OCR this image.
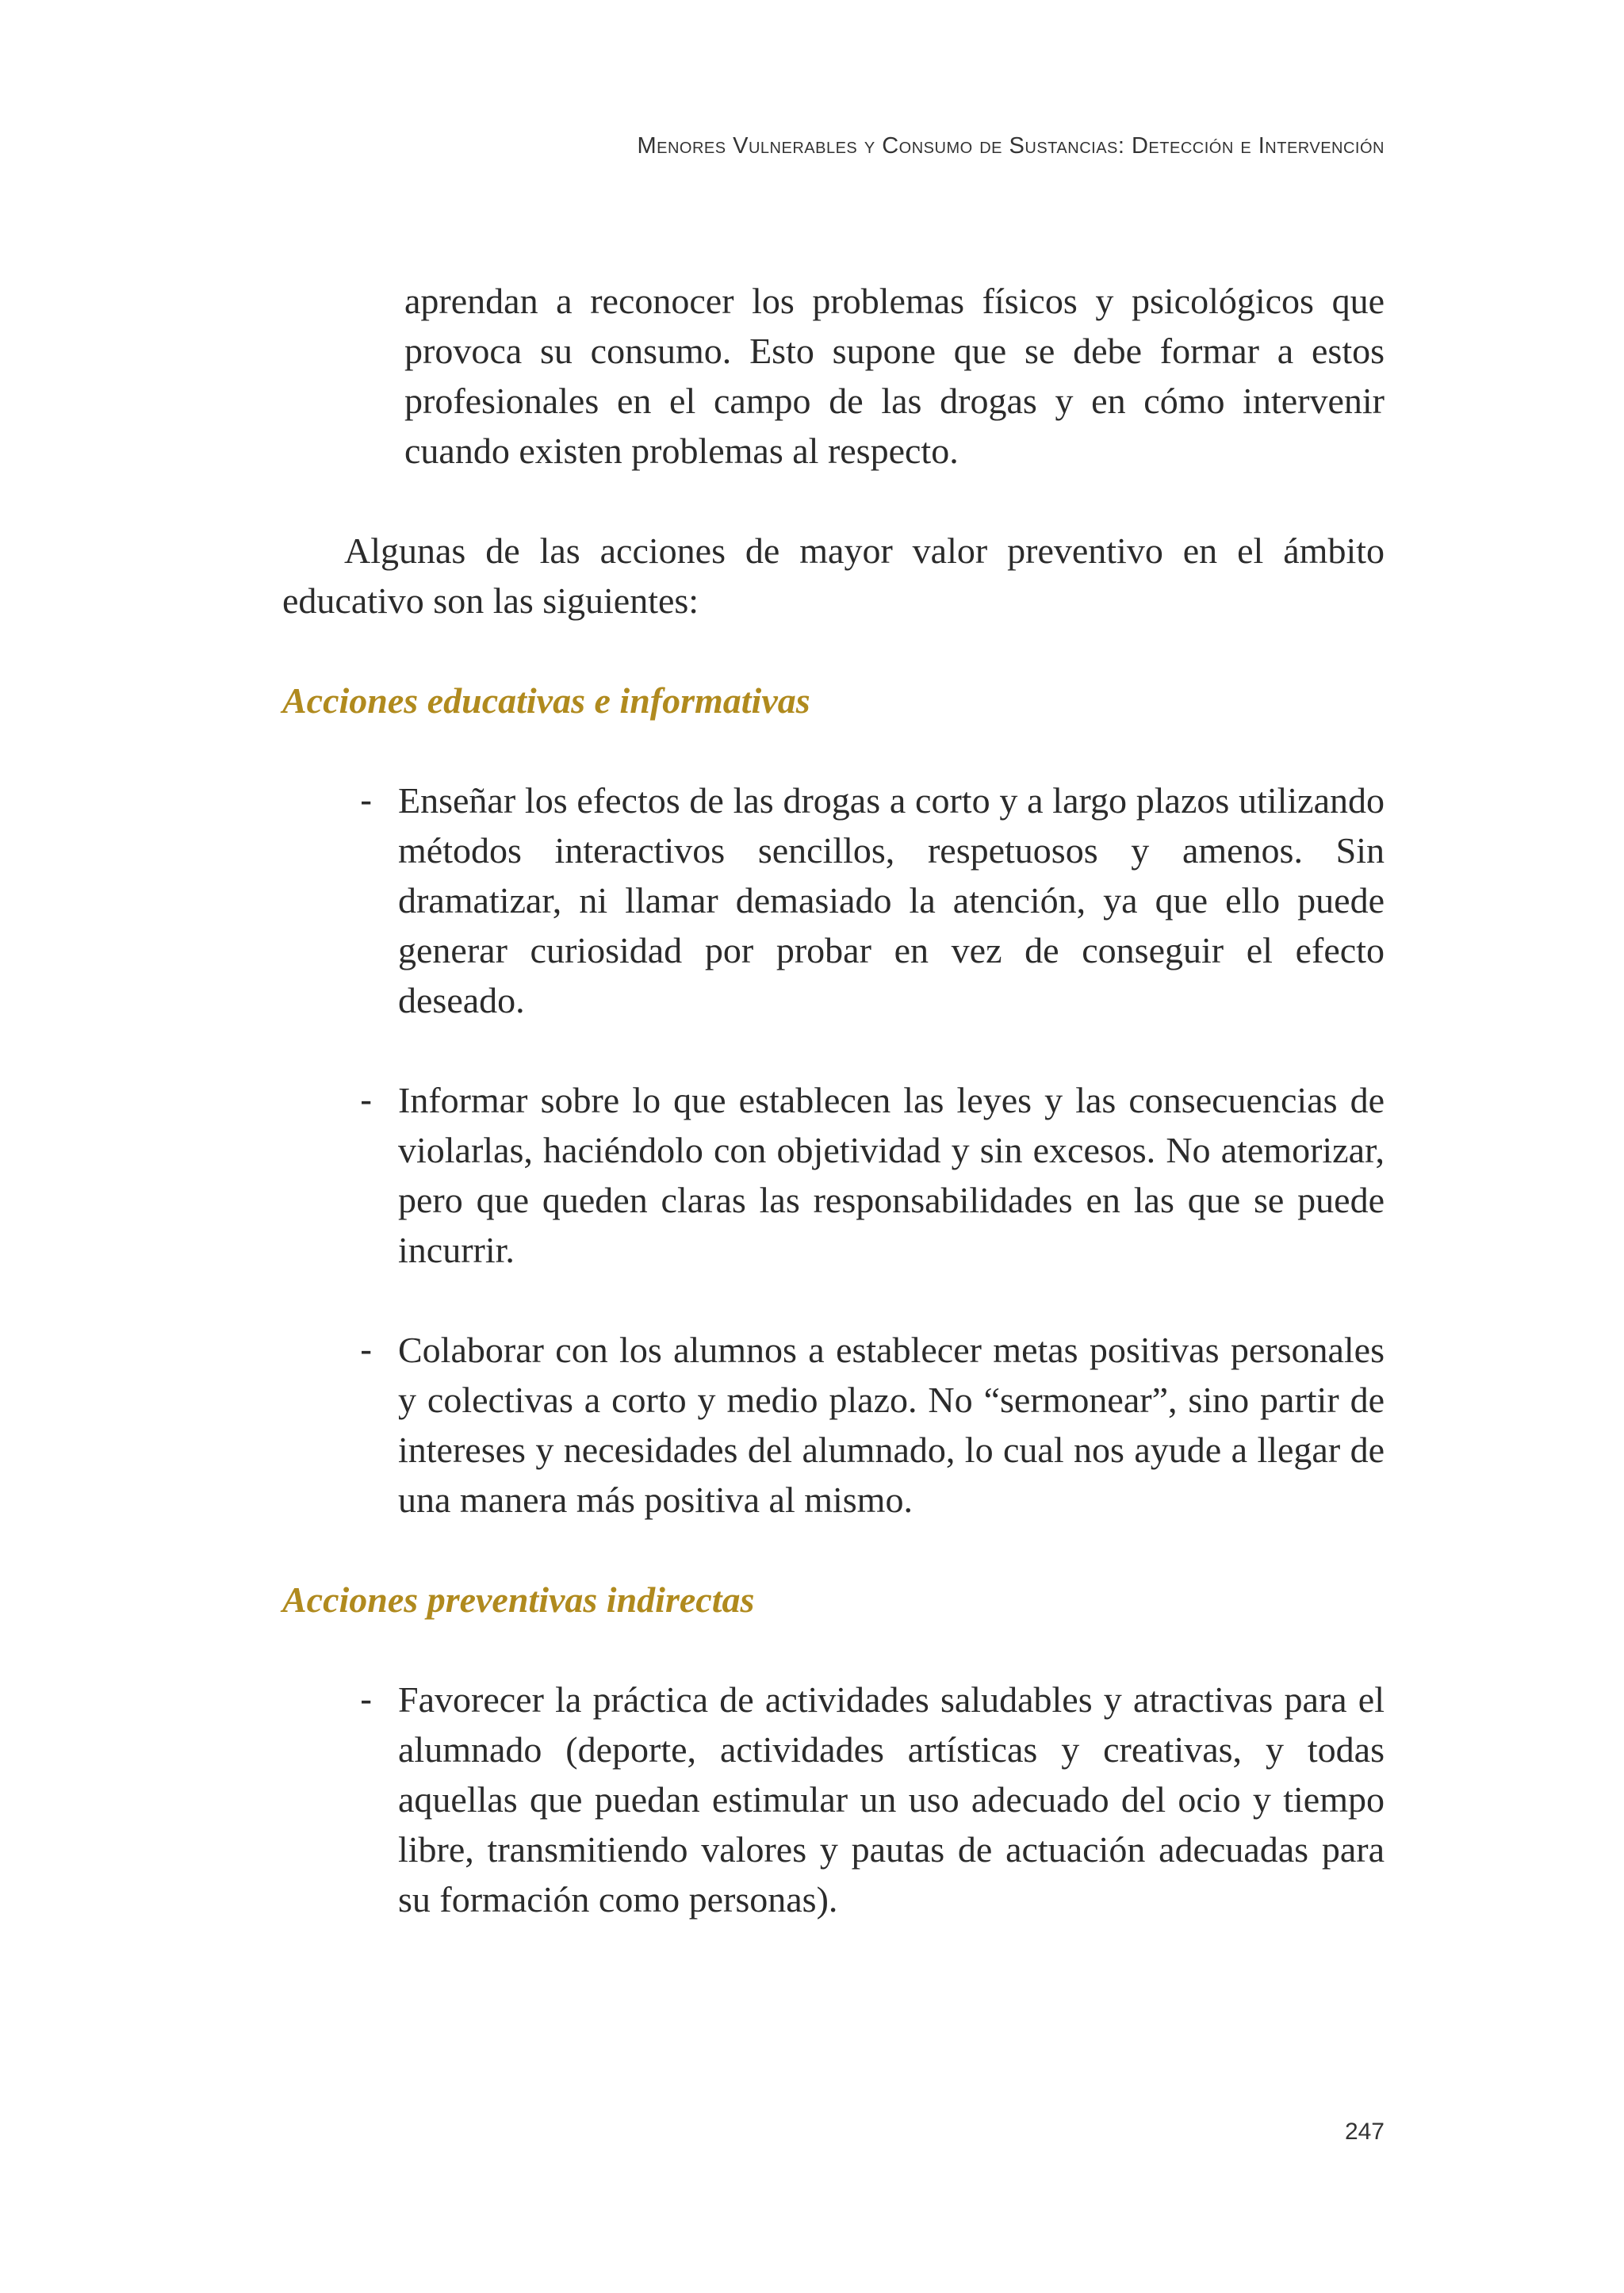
Menores Vulnerables y Consumo de Sustancias: Detección e Intervención

aprendan a reconocer los problemas físicos y psicológicos que provoca su consumo. Esto supone que se debe formar a estos profesionales en el campo de las drogas y en cómo intervenir cuando existen problemas al respecto.

Algunas de las acciones de mayor valor preventivo en el ámbito educativo son las siguientes:

Acciones educativas e informativas
- Enseñar los efectos de las drogas a corto y a largo plazos utilizando métodos interactivos sencillos, respetuosos y amenos. Sin dramatizar, ni llamar demasiado la atención, ya que ello puede generar curiosidad por probar en vez de conseguir el efecto deseado.
- Informar sobre lo que establecen las leyes y las consecuencias de violarlas, haciéndolo con objetividad y sin excesos. No atemorizar, pero que queden claras las responsabilidades en las que se puede incurrir.
- Colaborar con los alumnos a establecer metas positivas personales y colectivas a corto y medio plazo. No “sermonear”, sino partir de intereses y necesidades del alumnado, lo cual nos ayude a llegar de una manera más positiva al mismo.
Acciones preventivas indirectas
- Favorecer la práctica de actividades saludables y atractivas para el alumnado (deporte, actividades artísticas y creativas, y todas aquellas que puedan estimular un uso adecuado del ocio y tiempo libre, transmitiendo valores y pautas de actuación adecuadas para su formación como personas).
247
